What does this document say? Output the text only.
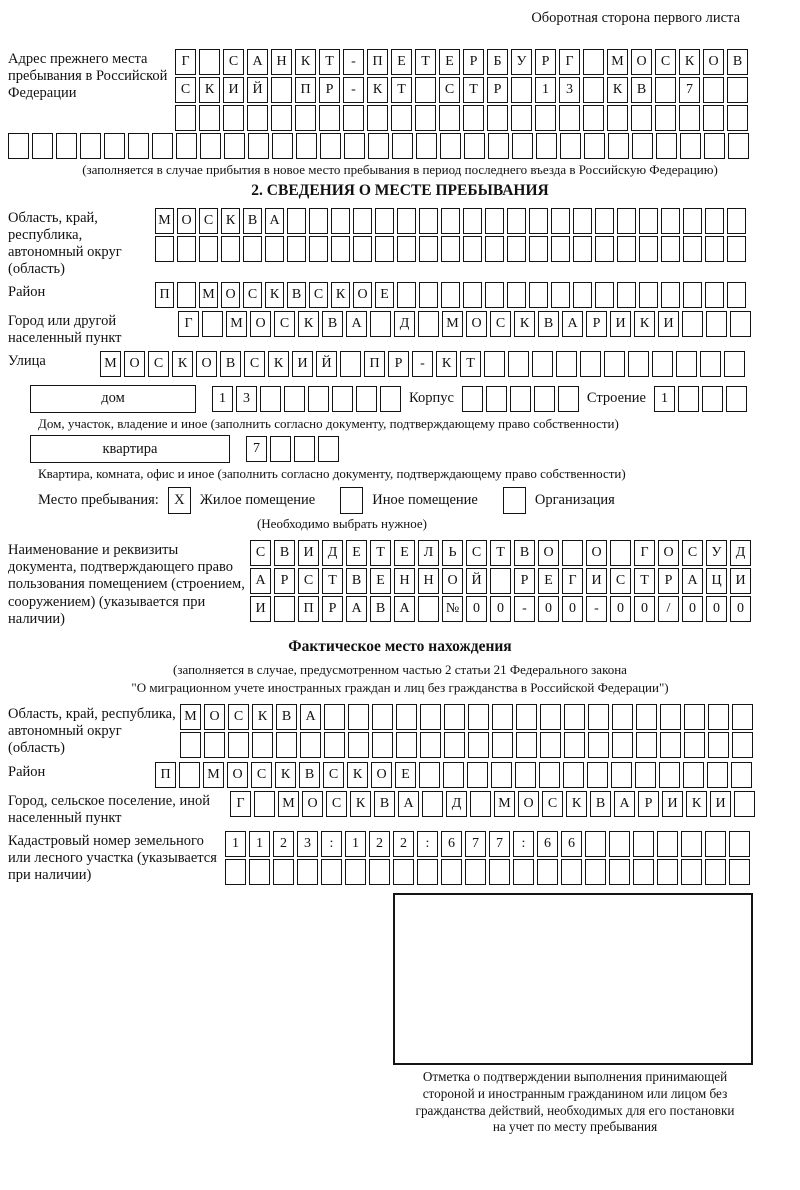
Оборотная сторона первого листа
Адрес прежнего места пребывания в Российской Федерации
Г	С	А Н	К	Т	-	П	Е	Т	Е	Р	Б	У	Р	Г	М О	С	К	О	В
С	К	И Й	П	Р	-	К	Т	С	Т	Р	1	3	К	В	7
(заполняется в случае прибытия в новое место пребывания в период последнего въезда в Российскую Федерацию)
2. СВЕДЕНИЯ О МЕСТЕ ПРЕБЫВАНИЯ
Область, край, республика, автономный округ (область)
М О С К В А
Район	П	М О С К В С К О Е
Город или другой населенный пункт
Г	М О	С	К	В	А	Д	М О	С	К	В	А	Р	И	К	И
Улица	М О	С	К	О	В	С	К	И Й	П	Р	-	К	Т
дом	1	3	Корпус	Строение	1
Дом, участок, владение и иное (заполнить согласно документу, подтверждающему право собственности)
квартира	7
Квартира, комната, офис и иное (заполнить согласно документу, подтверждающему право собственности)
Место пребывания:	X	Жилое помещение	Иное помещение	Организация
(Необходимо выбрать нужное)
Наименование и реквизиты документа, подтверждающего право пользования помещением (строением, сооружением) (указывается при наличии)
С	В	И	Д	Е	Т	Е	Л	Ь	С	Т	В	О	О	Г	О	С	У	Д
А	Р	С	Т	В	Е	Н Н О Й	Р	Е	Г	И	С	Т	Р	А Ц И
И	П	Р	А	В	А	№ 0	0	-	0	0	-	0	0	/	0	0	0
Фактическое место нахождения
(заполняется в случае, предусмотренном частью 2 статьи 21 Федерального закона
"О миграционном учете иностранных граждан и лиц без гражданства в Российской Федерации")
Область, край, республика, автономный округ (область)
М О	С	К	В	А
Район	П	М О	С	К	В	С	К	О	Е
Город, сельское поселение, иной населенный пункт
Г	М О	С	К	В	А	Д	М О	С	К	В	А	Р	И	К	И
Кадастровый номер земельного или лесного участка (указывается при наличии)
1	1	2	3	:	1	2	2	:	6	7	7	:	6	6
Отметка о подтверждении выполнения принимающей
стороной и иностранным гражданином или лицом без
гражданства действий, необходимых для его постановки
на учет по месту пребывания
